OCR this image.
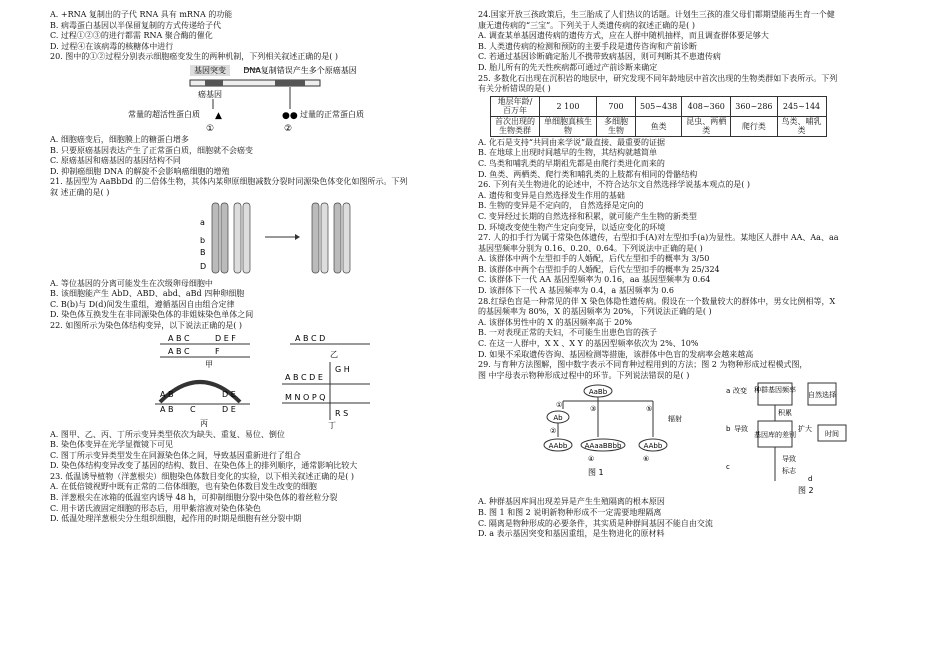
A. +RNA 复制出的子代 RNA 具有 mRNA 的功能
B. 病毒蛋白基因以半保留复制的方式传递给子代
C. 过程①②③的进行都需 RNA 聚合酶的催化
D. 过程④在该病毒的核糖体中进行
20. 图中的①②过程分别表示细胞癌变发生的两种机制，下列相关叙述正确的是( )
基因突变 DNA复制错误产生多个原癌基因
癌基因
常量的超活性蛋白质 ▲	过量的正常蛋白质
●●
①	②
A. 细胞癌变后，细胞膜上的糖蛋白增多
B. 只要原癌基因表达产生了正常蛋白质，细胞就不会癌变
C. 原癌基因和癌基因的基因结构不同
D. 抑制癌细胞 DNA 的解旋不会影响癌细胞的增殖
21. 基因型为 AaBbDd 的二倍体生物，其体内某卵原细胞减数分裂时同源染色体变化如图所示。下列
叙 述正确的是( )
a
b
B
D
A. 等位基因的分离可能发生在次级卵母细胞中
B. 该细胞能产生 AbD、ABD、abd、aBd 四种卵细胞
C. B(b)与 D(d)间发生重组，遵循基因自由组合定律
D. 染色体互换发生在非同源染色体的非姐妹染色单体之间
22. 如图所示为染色体结构变异，以下说法正确的是( )
A B C	D E F
A B C	F
甲
A B C D
乙
A B	D E
A B C	D E
丙
A B C D E
M N O P Q
G H
R S
丁
A. 图甲、乙、丙、丁所示变异类型依次为缺失、重复、易位、倒位
B. 染色体变异在光学显微镜下可见
C. 图丁所示变异类型发生在同源染色体之间，导致基因重新进行了组合
D. 染色体结构变异改变了基因的结构、数目、在染色体上的排列顺序，通常影响比较大
23. 低温诱导植物（洋葱根尖）细胞染色体数目变化的实验，以下相关叙述正确的是( )
A. 在低倍镜视野中既有正常的二倍体细胞，也有染色体数目发生改变的细胞
B. 洋葱根尖在冰箱的低温室内诱导 48 h，可抑制细胞分裂中染色体的着丝粒分裂
C. 用卡诺氏液固定细胞的形态后，用甲紫溶液对染色体染色
D. 低温处理洋葱根尖分生组织细胞，起作用的时期是细胞有丝分裂中期
24.国家开放三孩政策后，生三胎成了人们热议的话题。计划生三孩的准父母们都期望能再生育一个健
康无遗传病的“三宝”。下列关于人类遗传病的叙述正确的是( )
A. 调查某单基因遗传病的遗传方式，应在人群中随机抽样，而且调查群体要足够大
B. 人类遗传病的检测和预防的主要手段是遗传咨询和产前诊断
C. 若通过基因诊断确定胎儿不携带致病基因，则可判断其不患遗传病
D. 胎儿所有的先天性疾病都可通过产前诊断来确定
25. 多数化石出现在沉积岩的地层中，研究发现不同年龄地层中首次出现的生物类群如下表所示。下列
有关分析错误的是( )
地层年龄/
百万年	2 100	700	505~438	408~360	360~286	245~144
首次出现的
生物类群	单细胞真核生物	多细胞生物	鱼类	昆虫、两栖类	爬行类	鸟类、哺乳类
A. 化石是支持“共同由来学说”最直接、最重要的证据
B. 在地球上出现时间越早的生物，其结构就越简单
C. 鸟类和哺乳类的早期祖先都是由爬行类进化而来的
D. 鱼类、两栖类、爬行类和哺乳类的上肢都有相同的骨骼结构
26. 下列有关生物进化的论述中，不符合达尔文自然选择学说基本观点的是( )
A. 遗传和变异是自然选择发生作用的基础
B. 生物的变异是不定向的， 自然选择是定向的
C. 变异经过长期的自然选择和积累，就可能产生生物的新类型
D. 环境改变使生物产生定向变异，以适应变化的环境
27. 人的扣手行为属于常染色体遗传，右型扣手(A)对左型扣手(a)为显性。某地区人群中 AA、Aa、aa
基因型频率分别为 0.16、0.20、0.64。下列说法中正确的是( )
A. 该群体中两个左型扣手的人婚配，后代左型扣手的概率为 3/50
B. 该群体中两个右型扣手的人婚配，后代左型扣手的概率为 25/324
C. 该群体下一代 AA 基因型频率为 0.16，aa 基因型频率为 0.64
D. 该群体下一代 A 基因频率为 0.4，a 基因频率为 0.6
28.红绿色盲是一种常见的伴 X 染色体隐性遗传病。假设在一个数量较大的群体中，男女比例相等，X
的基因频率为 80%，X 的基因频率为 20%，下列说法正确的是( )
A. 该群体男性中的 X 的基因频率高于 20%
B. 一对表现正常的夫妇，不可能生出患色盲的孩子
C. 在这一人群中，X X 、X Y 的基因型频率依次为 2%、10%
D. 如果不采取遗传咨询、基因检测等措施，该群体中色盲的发病率会越来越高
29. 与育种方法图解，图中数字表示不同育种过程用到的方法；图 2 为物种形成过程模式图，
图 中字母表示物种形成过程中的环节。下列说法错误的是( )
AaBb
①	③	⑤
辐射
Ab
②
AAbb AAaaBBbb	AAbb
④	⑥
图 1
a 改变 种群基因频率
自然选择
积累
b 导致
基因库的差别
扩大
时间
导致
c	标志
d
图 2
A. 种群基因库间出现差异是产生生殖隔离的根本原因
B. 图 1 和图 2 说明新物种形成不一定需要地理隔离
C. 隔离是物种形成的必要条件，其实质是种群间基因不能自由交流
D. a 表示基因突变和基因重组，是生物进化的原材料
